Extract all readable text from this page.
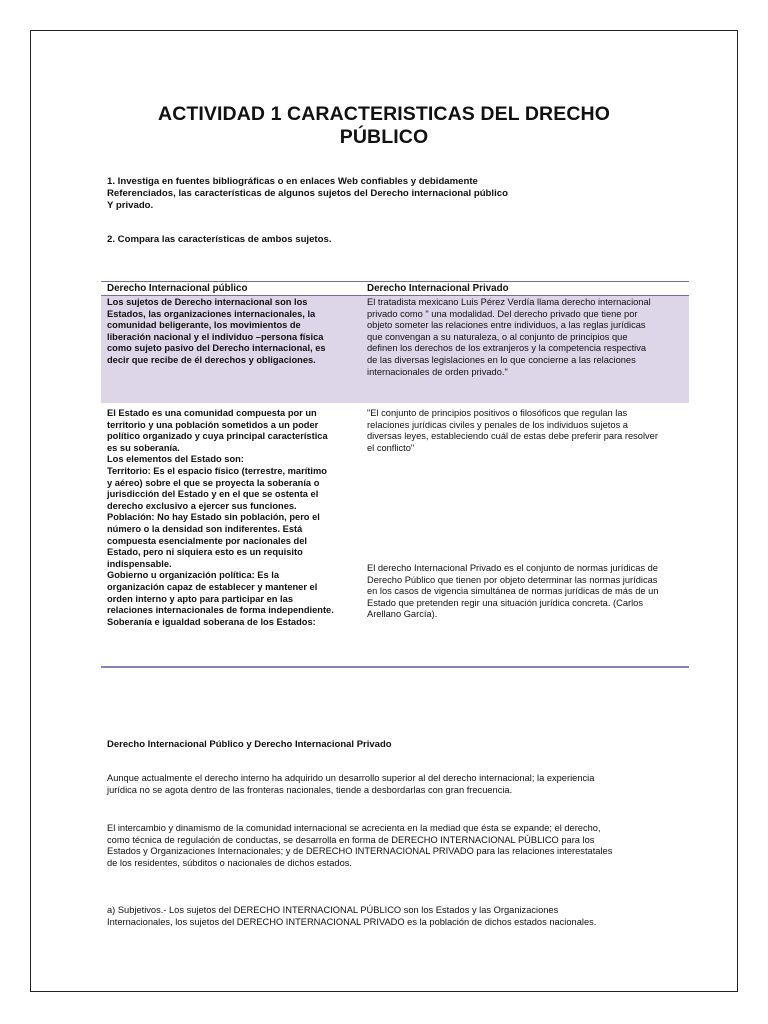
ACTIVIDAD 1 CARACTERISTICAS DEL DRECHO
PÚBLICO
1. Investiga en fuentes bibliográficas o en enlaces Web confiables y debidamente
Referenciados, las características de algunos sujetos del Derecho internacional público
Y privado.
2. Compara las características de ambos sujetos.
Derecho Internacional público	Derecho Internacional Privado
Los sujetos de Derecho internacional son los
Estados, las organizaciones internacionales, la
comunidad beligerante, los movimientos de
liberación nacional y el individuo –persona física
como sujeto pasivo del Derecho internacional, es
decir que recibe de él derechos y obligaciones.
El tratadista mexicano Luis Pérez Verdía llama derecho internacional
privado como " una modalidad. Del derecho privado que tiene por
objeto someter las relaciones entre individuos, a las reglas jurídicas
que convengan a su naturaleza, o al conjunto de principios que
definen los derechos de los extranjeros y la competencia respectiva
de las diversas legislaciones en lo que concierne a las relaciones
internacionales de orden privado."
El Estado es una comunidad compuesta por un
territorio y una población sometidos a un poder
político organizado y cuya principal característica
es su soberanía.
Los elementos del Estado son:
Territorio: Es el espacio físico (terrestre, marítimo
y aéreo) sobre el que se proyecta la soberanía o
jurisdicción del Estado y en el que se ostenta el
derecho exclusivo a ejercer sus funciones.
Población: No hay Estado sin población, pero el
número o la densidad son indiferentes. Está
compuesta esencialmente por nacionales del
Estado, pero ni siquiera esto es un requisito
indispensable.
Gobierno u organización política: Es la
organización capaz de establecer y mantener el
orden interno y apto para participar en las
relaciones internacionales de forma independiente.
Soberanía e igualdad soberana de los Estados:
"El conjunto de principios positivos o filosóficos que regulan las
relaciones jurídicas civiles y penales de los individuos sujetos a
diversas leyes, estableciendo cuál de estas debe preferir para resolver
el conflicto"
El derecho Internacional Privado es el conjunto de normas jurídicas de
Derecho Público que tienen por objeto determinar las normas jurídicas
en los casos de vigencia simultánea de normas jurídicas de más de un
Estado que pretenden regir una situación jurídica concreta. (Carlos
Arellano García).
Derecho Internacional Público y Derecho Internacional Privado
Aunque actualmente el derecho interno ha adquirido un desarrollo superior al del derecho internacional; la experiencia
jurídica no se agota dentro de las fronteras nacionales, tiende a desbordarlas con gran frecuencia.
El intercambio y dinamismo de la comunidad internacional se acrecienta en la mediad que ésta se expande; el derecho,
como técnica de regulación de conductas, se desarrolla en forma de DERECHO INTERNACIONAL PÚBLICO para los
Estados y Organizaciones Internacionales; y de DERECHO INTERNACIONAL PRIVADO para las relaciones interestatales
de los residentes, súbditos o nacionales de dichos estados.
a) Subjetivos.- Los sujetos del DERECHO INTERNACIONAL PÚBLICO son los Estados y las Organizaciones
Internacionales, los sujetos del DERECHO INTERNACIONAL PRIVADO es la población de dichos estados nacionales.
